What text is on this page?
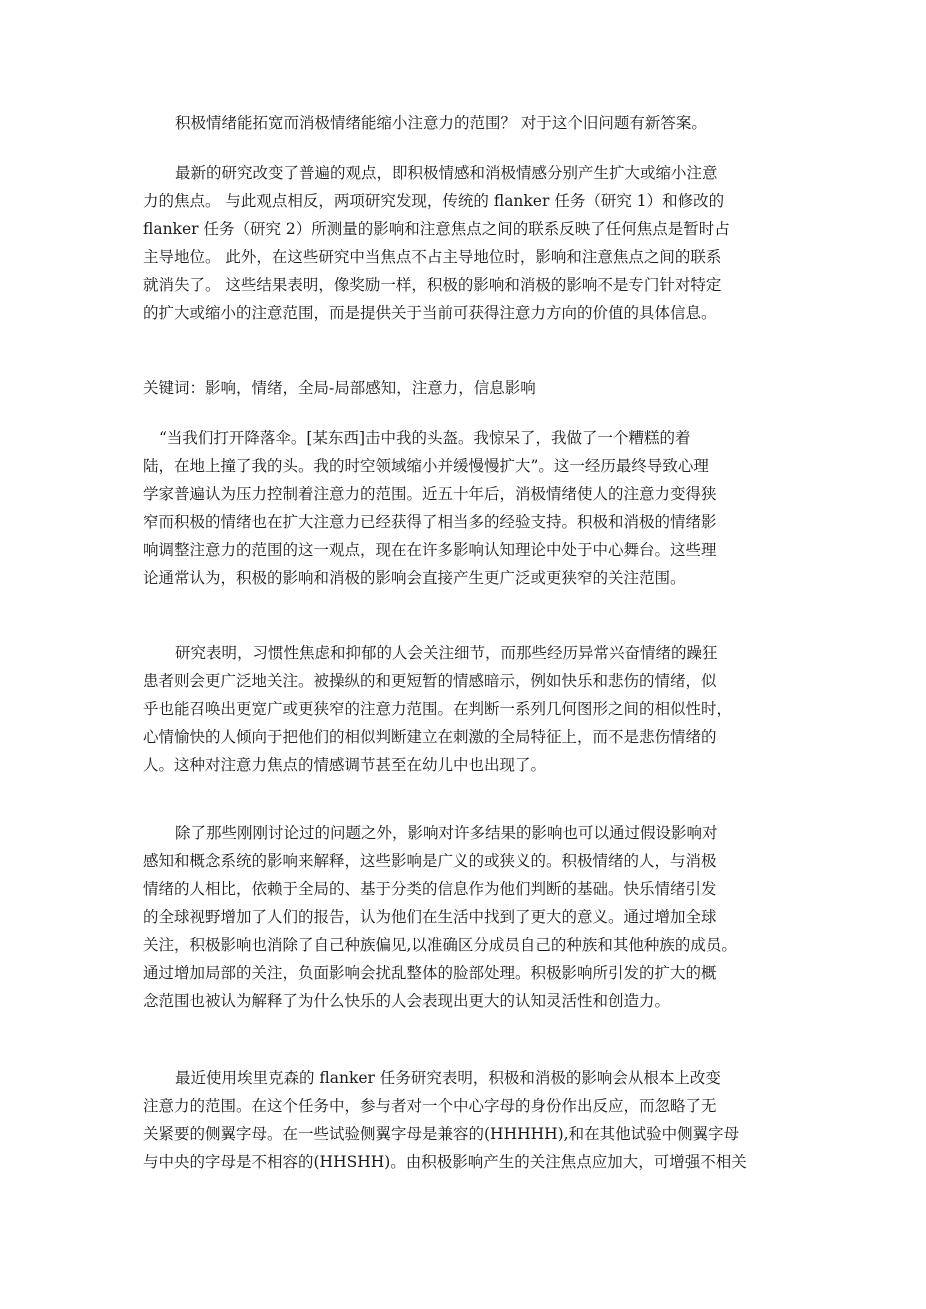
积极情绪能拓宽而消极情绪能缩小注意力的范围？ 对于这个旧问题有新答案。
最新的研究改变了普遍的观点，即积极情感和消极情感分别产生扩大或缩小注意
力的焦点。 与此观点相反，两项研究发现，传统的 flanker 任务（研究 1）和修改的
flanker 任务（研究 2）所测量的影响和注意焦点之间的联系反映了任何焦点是暂时占
主导地位。 此外，在这些研究中当焦点不占主导地位时，影响和注意焦点之间的联系
就消失了。 这些结果表明，像奖励一样，积极的影响和消极的影响不是专门针对特定
的扩大或缩小的注意范围，而是提供关于当前可获得注意力方向的价值的具体信息。
关键词：影响，情绪，全局-局部感知，注意力，信息影响
“当我们打开降落伞。[某东西]击中我的头盔。我惊呆了，我做了一个糟糕的着
陆，在地上撞了我的头。我的时空领域缩小并缓慢慢扩大”。这一经历最终导致心理
学家普遍认为压力控制着注意力的范围。近五十年后，消极情绪使人的注意力变得狭
窄而积极的情绪也在扩大注意力已经获得了相当多的经验支持。积极和消极的情绪影
响调整注意力的范围的这一观点，现在在许多影响认知理论中处于中心舞台。这些理
论通常认为，积极的影响和消极的影响会直接产生更广泛或更狭窄的关注范围。
研究表明，习惯性焦虑和抑郁的人会关注细节，而那些经历异常兴奋情绪的躁狂
患者则会更广泛地关注。被操纵的和更短暂的情感暗示，例如快乐和悲伤的情绪，似
乎也能召唤出更宽广或更狭窄的注意力范围。在判断一系列几何图形之间的相似性时，
心情愉快的人倾向于把他们的相似判断建立在刺激的全局特征上，而不是悲伤情绪的
人。这种对注意力焦点的情感调节甚至在幼儿中也出现了。
除了那些刚刚讨论过的问题之外，影响对许多结果的影响也可以通过假设影响对
感知和概念系统的影响来解释，这些影响是广义的或狭义的。积极情绪的人，与消极
情绪的人相比，依赖于全局的、基于分类的信息作为他们判断的基础。快乐情绪引发
的全球视野增加了人们的报告，认为他们在生活中找到了更大的意义。通过增加全球
关注，积极影响也消除了自己种族偏见,以准确区分成员自己的种族和其他种族的成员。
通过增加局部的关注，负面影响会扰乱整体的脸部处理。积极影响所引发的扩大的概
念范围也被认为解释了为什么快乐的人会表现出更大的认知灵活性和创造力。
最近使用埃里克森的 flanker 任务研究表明，积极和消极的影响会从根本上改变
注意力的范围。在这个任务中，参与者对一个中心字母的身份作出反应，而忽略了无
关紧要的侧翼字母。在一些试验侧翼字母是兼容的(HHHHH),和在其他试验中侧翼字母
与中央的字母是不相容的(HHSHH)。由积极影响产生的关注焦点应加大，可增强不相关
